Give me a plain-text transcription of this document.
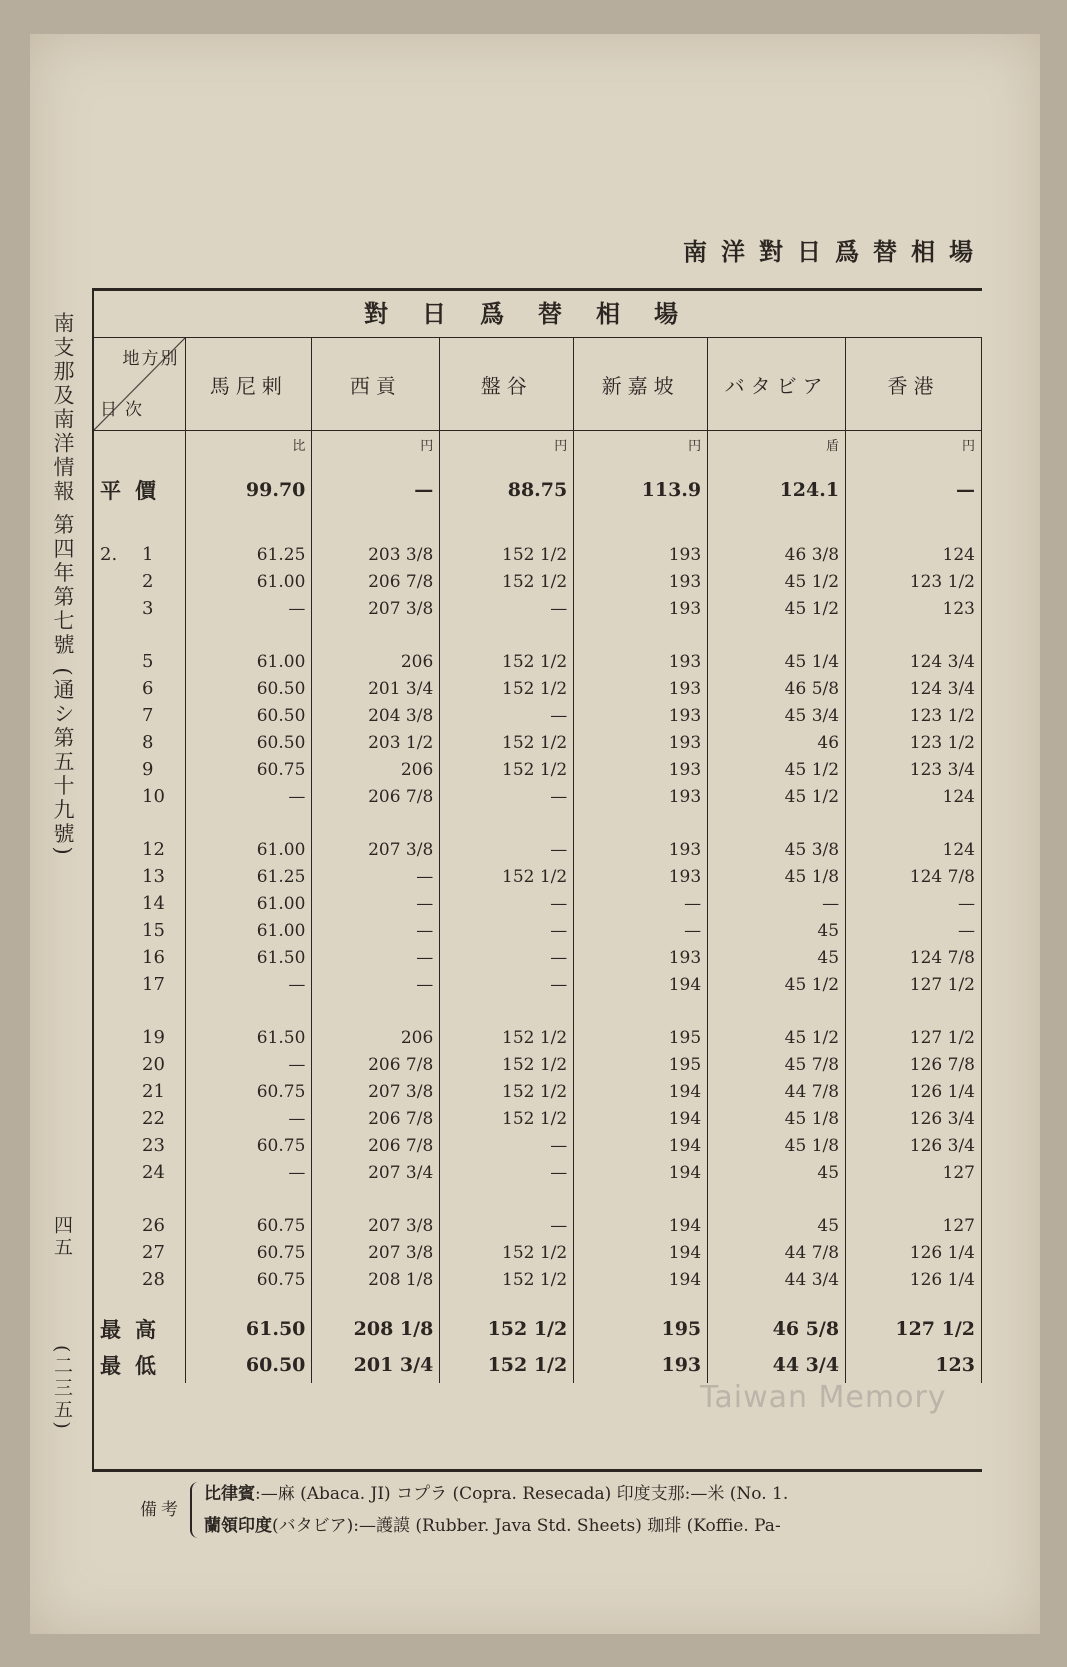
南支那及南洋情報 第四年第七號 (通シ第五十九號)
四五
(二三五)
南洋對日爲替相場
對日爲替相場
地方別
日次	馬尼剌	西貢	盤谷	新嘉坡	バタビア	香港
	比	円	円	円	盾	円
平價	99.70	—	88.75	113.9	124.1	—

2. 1	61.25	203 3/8	152 1/2	193	46 3/8	124
2	61.00	206 7/8	152 1/2	193	45 1/2	123 1/2
3	—	207 3/8	—	193	45 1/2	123

5	61.00	206	152 1/2	193	45 1/4	124 3/4
6	60.50	201 3/4	152 1/2	193	46 5/8	124 3/4
7	60.50	204 3/8	—	193	45 3/4	123 1/2
8	60.50	203 1/2	152 1/2	193	46	123 1/2
9	60.75	206	152 1/2	193	45 1/2	123 3/4
10	—	206 7/8	—	193	45 1/2	124

12	61.00	207 3/8	—	193	45 3/8	124
13	61.25	—	152 1/2	193	45 1/8	124 7/8
14	61.00	—	—	—	—	—
15	61.00	—	—	—	45	—
16	61.50	—	—	193	45	124 7/8
17	—	—	—	194	45 1/2	127 1/2

19	61.50	206	152 1/2	195	45 1/2	127 1/2
20	—	206 7/8	152 1/2	195	45 7/8	126 7/8
21	60.75	207 3/8	152 1/2	194	44 7/8	126 1/4
22	—	206 7/8	152 1/2	194	45 1/8	126 3/4
23	60.75	206 7/8	—	194	45 1/8	126 3/4
24	—	207 3/4	—	194	45	127

26	60.75	207 3/8	—	194	45	127
27	60.75	207 3/8	152 1/2	194	44 7/8	126 1/4
28	60.75	208 1/8	152 1/2	194	44 3/4	126 1/4
最高	61.50	208 1/8	152 1/2	195	46 5/8	127 1/2
最低	60.50	201 3/4	152 1/2	193	44 3/4	123
備考
比律賓:—麻 (Abaca. JI) コプラ (Copra. Resecada) 印度支那:—米 (No. 1.
蘭領印度(バタビア):—護謨 (Rubber. Java Std. Sheets) 珈琲 (Koffie. Pa-
Taiwan Memory
